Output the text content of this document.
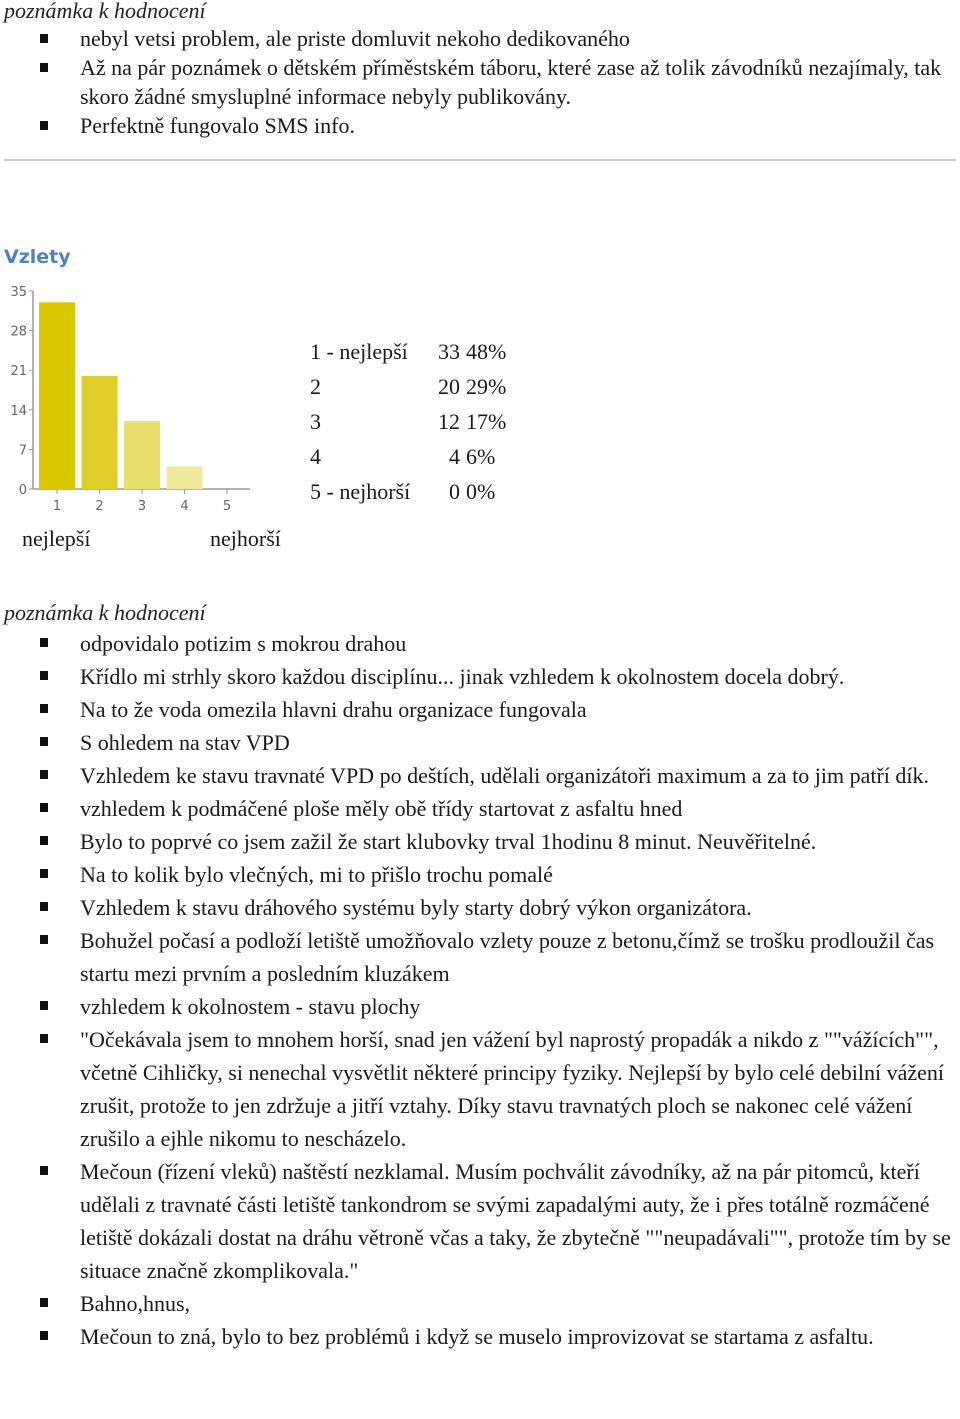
poznámka k hodnocení
nebyl vetsi problem, ale priste domluvit nekoho dedikovaného
Až na pár poznámek o dětském příměstském táboru, které zase až tolik závodníků nezajímaly, tak skoro žádné smysluplné informace nebyly publikovány.
Perfektně fungovalo SMS info.
Vzlety
0
7
14
21
28
35
1	2	3	4	5
1 - nejlepší	33	48%
2	20	29%
3	12	17%
4	4	6%
5 - nejhorší	0	0%
nejlepší	nejhorší
poznámka k hodnocení
odpovidalo potizim s mokrou drahou
Křídlo mi strhly skoro každou disciplínu... jinak vzhledem k okolnostem docela dobrý.
Na to že voda omezila hlavni drahu organizace fungovala
S ohledem na stav VPD
Vzhledem ke stavu travnaté VPD po deštích, udělali organizátoři maximum a za to jim patří dík.
vzhledem k podmáčené ploše měly obě třídy startovat z asfaltu hned
Bylo to poprvé co jsem zažil že start klubovky trval 1hodinu 8 minut. Neuvěřitelné.
Na to kolik bylo vlečných, mi to přišlo trochu pomalé
Vzhledem k stavu dráhového systému byly starty dobrý výkon organizátora.
Bohužel počasí a podloží letiště umožňovalo vzlety pouze z betonu,čímž se trošku prodloužil čas startu mezi prvním a posledním kluzákem
vzhledem k okolnostem - stavu plochy
"Očekávala jsem to mnohem horší, snad jen vážení byl naprostý propadák a nikdo z ""vážících"", včetně Cihličky, si nenechal vysvětlit některé principy fyziky. Nejlepší by bylo celé debilní vážení zrušit, protože to jen zdržuje a jitří vztahy. Díky stavu travnatých ploch se nakonec celé vážení zrušilo a ejhle nikomu to nescházelo.
Mečoun (řízení vleků) naštěstí nezklamal. Musím pochválit závodníky, až na pár pitomců, kteří udělali z travnaté části letiště tankondrom se svými zapadalými auty, že i přes totálně rozmáčené letiště dokázali dostat na dráhu větroně včas a taky, že zbytečně ""neupadávali"", protože tím by se situace značně zkomplikovala."
Bahno,hnus,
Mečoun to zná, bylo to bez problémů i když se muselo improvizovat se startama z asfaltu.
